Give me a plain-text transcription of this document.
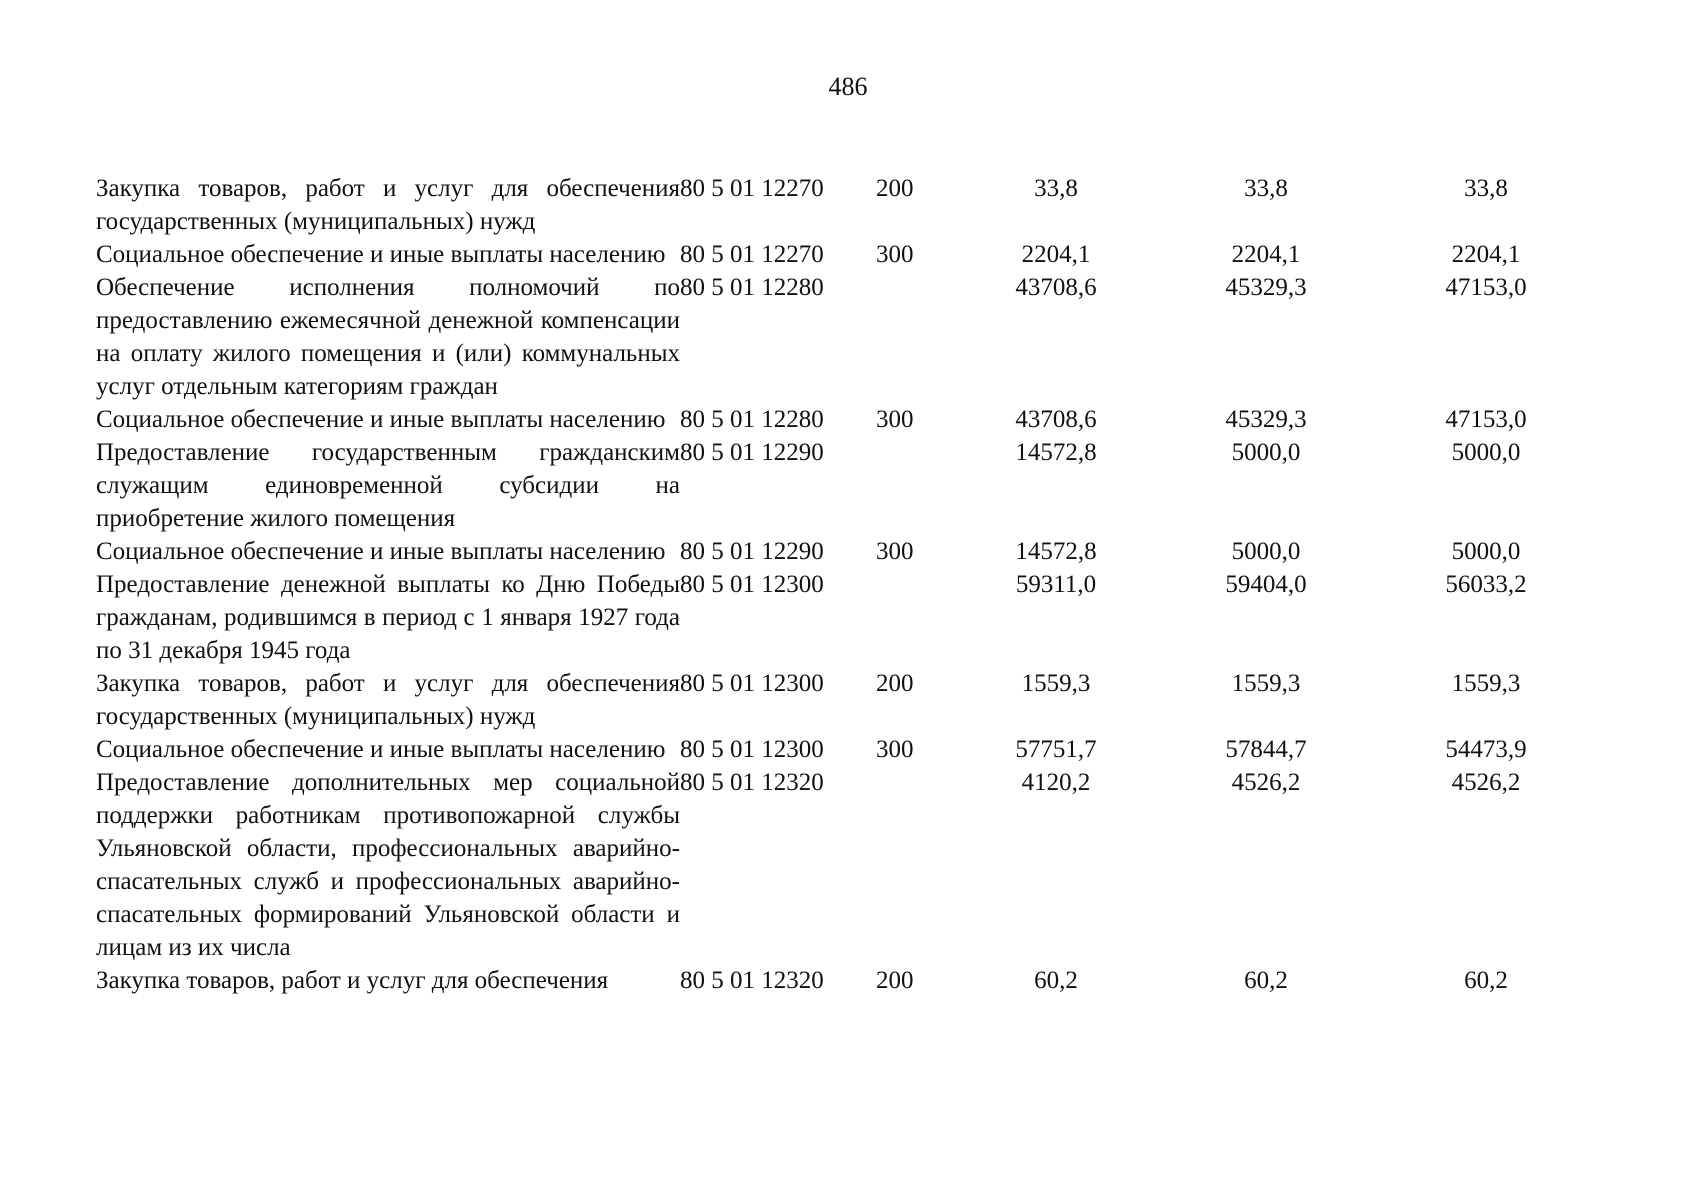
486
Закупка товаров, работ и услуг для обеспечения государственных (муниципальных) нужд	80 5 01 12270	200	33,8	33,8	33,8
Социальное обеспечение и иные выплаты населению	80 5 01 12270	300	2204,1	2204,1	2204,1
Обеспечение исполнения полномочий по предоставлению ежемесячной денежной компенсации на оплату жилого помещения и (или) коммунальных услуг отдельным категориям граждан	80 5 01 12280		43708,6	45329,3	47153,0
Социальное обеспечение и иные выплаты населению	80 5 01 12280	300	43708,6	45329,3	47153,0
Предоставление государственным гражданским служащим единовременной субсидии на приобретение жилого помещения	80 5 01 12290		14572,8	5000,0	5000,0
Социальное обеспечение и иные выплаты населению	80 5 01 12290	300	14572,8	5000,0	5000,0
Предоставление денежной выплаты ко Дню Победы гражданам, родившимся в период с 1 января 1927 года по 31 декабря 1945 года	80 5 01 12300		59311,0	59404,0	56033,2
Закупка товаров, работ и услуг для обеспечения государственных (муниципальных) нужд	80 5 01 12300	200	1559,3	1559,3	1559,3
Социальное обеспечение и иные выплаты населению	80 5 01 12300	300	57751,7	57844,7	54473,9
Предоставление дополнительных мер социальной поддержки работникам противопожарной службы Ульяновской области, профессиональных аварийно-спасательных служб и профессиональных аварийно-спасательных формирований Ульяновской области и лицам из их числа	80 5 01 12320		4120,2	4526,2	4526,2
Закупка товаров, работ и услуг для обеспечения	80 5 01 12320	200	60,2	60,2	60,2
